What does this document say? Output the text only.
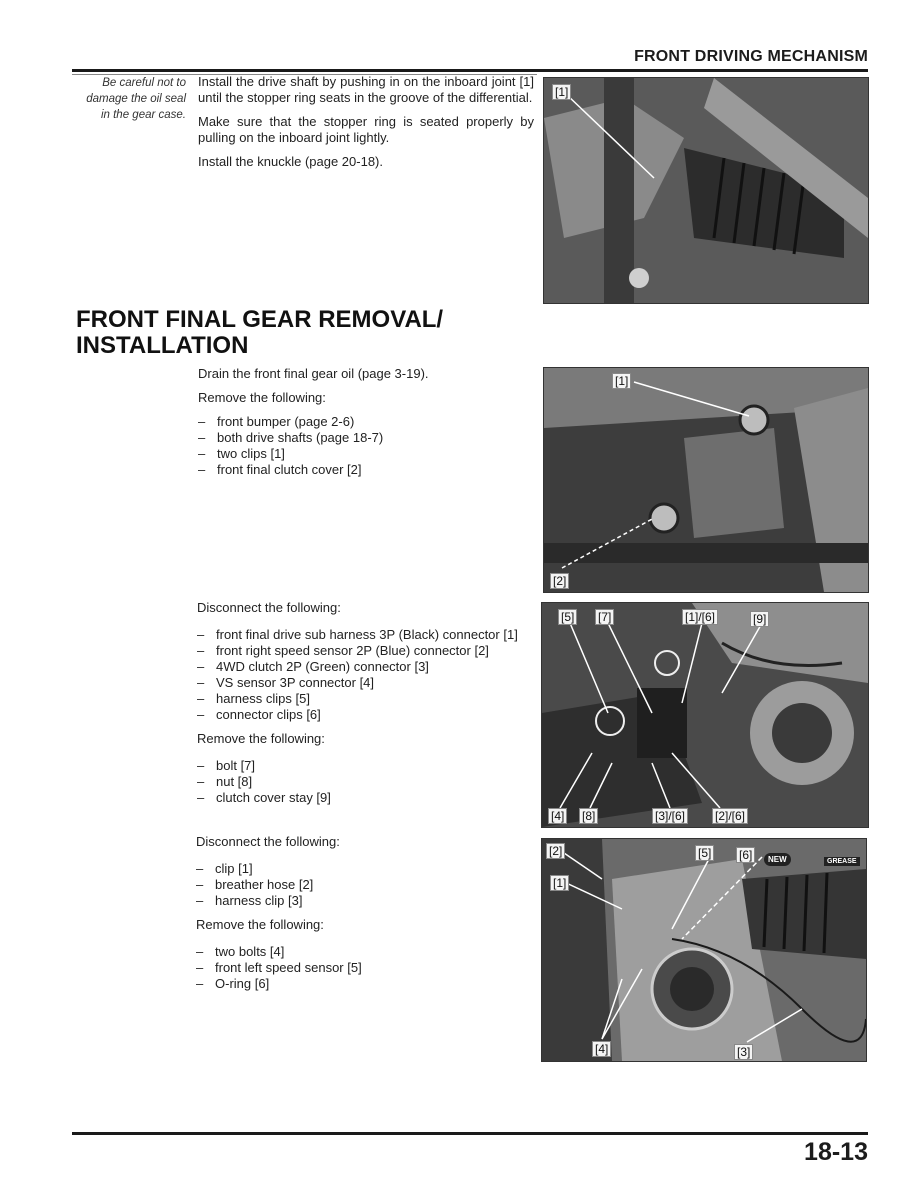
FRONT DRIVING MECHANISM
Be careful not to
damage the oil seal
in the gear case.

Install the drive shaft by pushing in on the inboard joint [1] until the stopper ring seats in the groove of the differential.

Make sure that the stopper ring is seated properly by pulling on the inboard joint lightly.

Install the knuckle (page 20-18).

[1]
FRONT FINAL GEAR REMOVAL/
INSTALLATION

Drain the front final gear oil (page 3-19).

Remove the following:

– front bumper (page 2-6)
– both drive shafts (page 18-7)
– two clips [1]
– front final clutch cover [2]
[1]
[2]

Disconnect the following:

– front final drive sub harness 3P (Black) connector [1]
– front right speed sensor 2P (Blue) connector [2]
– 4WD clutch 2P (Green) connector [3]
– VS sensor 3P connector [4]
– harness clips [5]
– connector clips [6]

Remove the following:

– bolt [7]
– nut [8]
– clutch cover stay [9]
[5] [7]	[1]/[6]	[9]
[4] [8]	[3]/[6] [2]/[6]

Disconnect the following:

– clip [1]
– breather hose [2]
– harness clip [3]

Remove the following:

– two bolts [4]
– front left speed sensor [5]
– O-ring [6]
[2]
[1]
[5] [6]	NEW	GREASE
[4]	[3]
18-13
